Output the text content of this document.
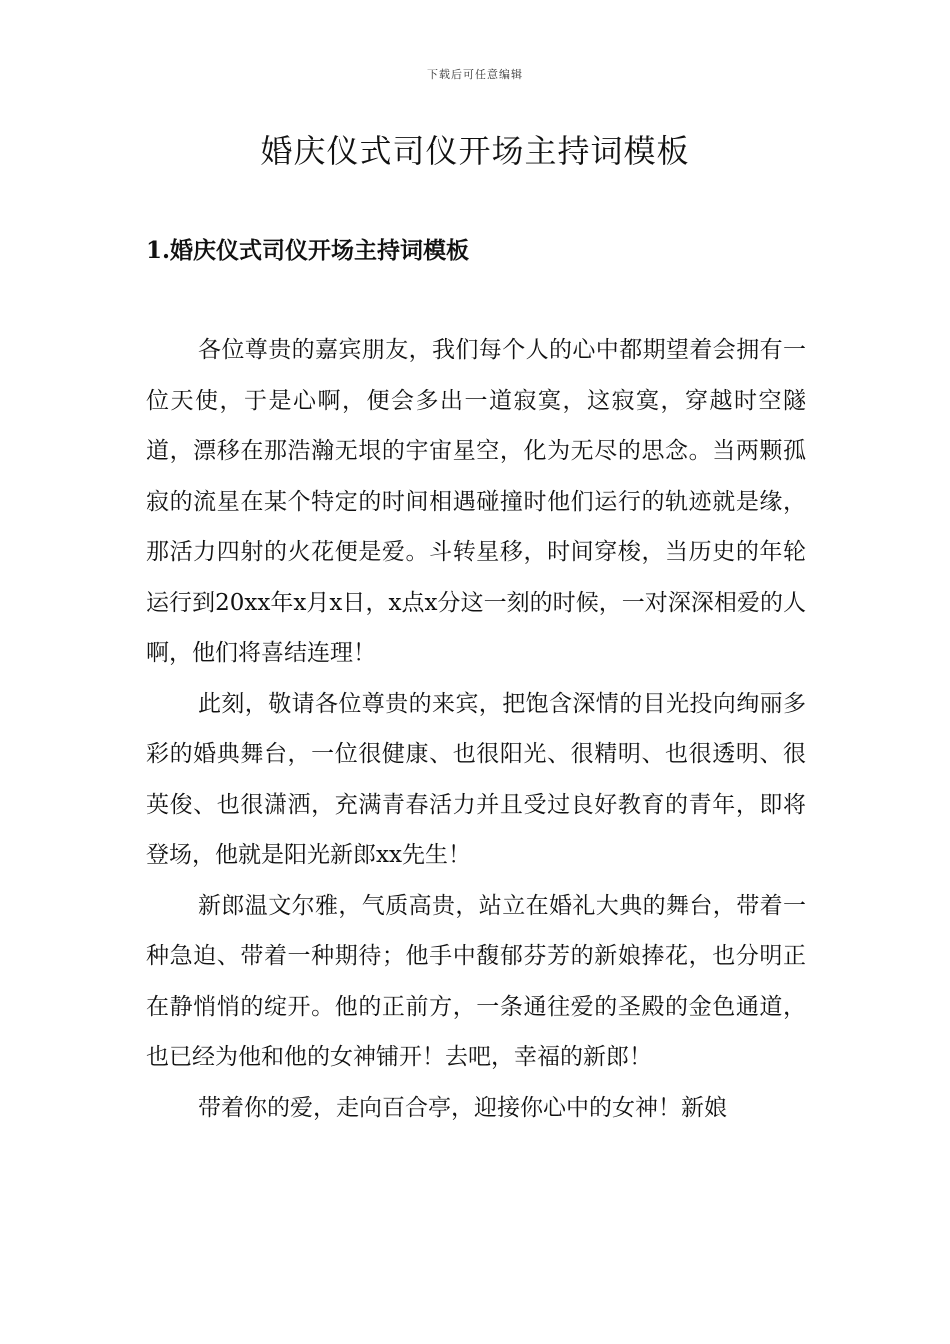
下载后可任意编辑
婚庆仪式司仪开场主持词模板
1.婚庆仪式司仪开场主持词模板

各位尊贵的嘉宾朋友，我们每个人的心中都期望着会拥有一位天使，于是心啊，便会多出一道寂寞，这寂寞，穿越时空隧道，漂移在那浩瀚无垠的宇宙星空，化为无尽的思念。当两颗孤寂的流星在某个特定的时间相遇碰撞时他们运行的轨迹就是缘，那活力四射的火花便是爱。斗转星移，时间穿梭，当历史的年轮运行到20xx年x月x日，x点x分这一刻的时候，一对深深相爱的人啊，他们将喜结连理！

此刻，敬请各位尊贵的来宾，把饱含深情的目光投向绚丽多彩的婚典舞台，一位很健康、也很阳光、很精明、也很透明、很英俊、也很潇洒，充满青春活力并且受过良好教育的青年，即将登场，他就是阳光新郎xx先生！

新郎温文尔雅，气质高贵，站立在婚礼大典的舞台，带着一种急迫、带着一种期待；他手中馥郁芬芳的新娘捧花，也分明正在静悄悄的绽开。他的正前方，一条通往爱的圣殿的金色通道，也已经为他和他的女神铺开！去吧，幸福的新郎！

带着你的爱，走向百合亭，迎接你心中的女神！新娘
